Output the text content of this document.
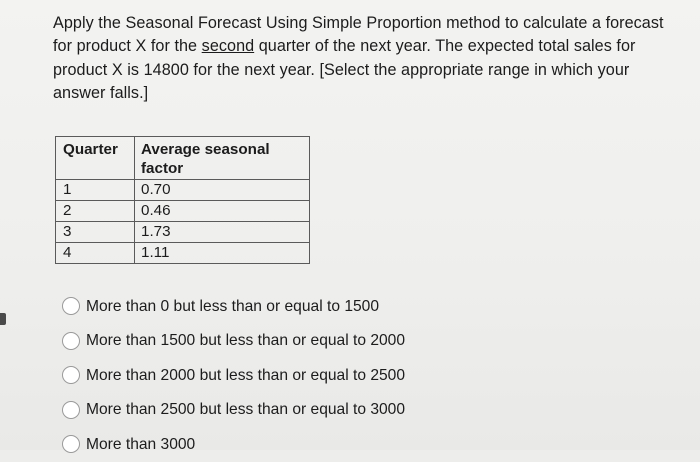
Apply the Seasonal Forecast Using Simple Proportion method to calculate a forecast for product X for the second quarter of the next year. The expected total sales for product X is 14800 for the next year. [Select the appropriate range in which your answer falls.]
Quarter	Average seasonal factor
1	0.70
2	0.46
3	1.73
4	1.11
More than 0 but less than or equal to 1500
More than 1500 but less than or equal to 2000
More than 2000 but less than or equal to 2500
More than 2500 but less than or equal to 3000
More than 3000
